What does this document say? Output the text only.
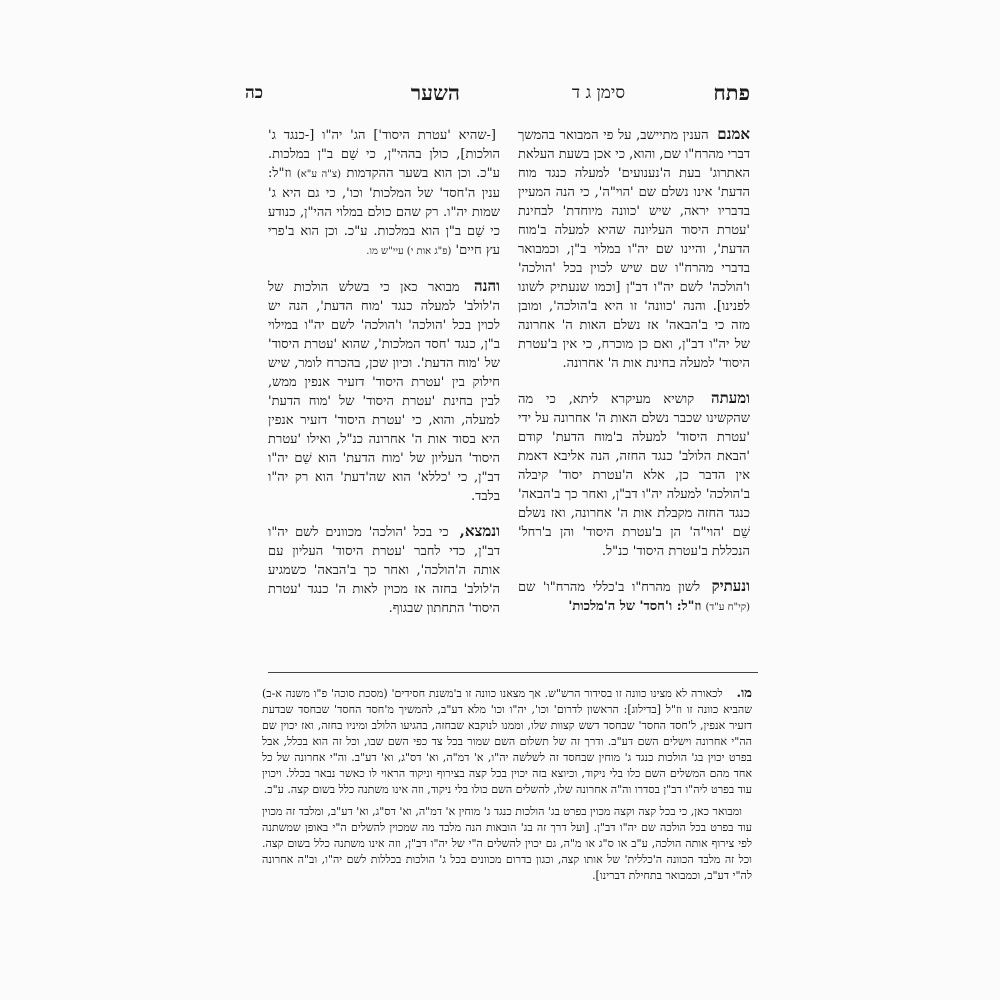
פתח
סימן ג ד
השער
כה

אמנם הענין מתיישב, על פי המבואר בהמשך דברי מהרח"ו שם, והוא, כי אכן בשעת העלאת האתרוג' בעת ה'נענועים' למעלה כנגד מוח הדעת' אינו נשלם שם 'הוי"ה', כי הנה המעיין בדבריו יראה, שיש 'כוונה מיוחדת' לבחינת 'עטרת היסוד העליונה שהיא למעלה ב'מוח הדעת', והיינו שם יה"ו במלוי ב"ן, וכמבואר בדברי מהרח"ו שם שיש לכוין בכל 'הולכה' ו'הולכה' לשם יה"ו דב"ן [וכמו שנעתיק לשונו לפנינו]. והנה 'כוונה' זו היא ב'הולכה', ומובן מזה כי ב'הבאה' אז נשלם האות ה' אחרונה של יה"ו דב"ן, ואם כן מוכרח, כי אין ב'עטרת היסוד' למעלה בחינת אות ה' אחרונה.

ומעתה קושיא מעיקרא ליתא, כי מה שהקשינו שכבר נשלם האות ה' אחרונה על ידי 'עטרת היסוד' למעלה ב'מוח הדעת' קודם 'הבאת הלולב' כנגד החזה, הנה אליבא דאמת אין הדבר כן, אלא ה'עטרת יסוד' קיבלה ב'הולכה' למעלה יה"ו דב"ן, ואחר כך ב'הבאה' כנגד החזה מקבלת אות ה' אחרונה, ואז נשלם שֵׁם 'הוי"ה' הן ב'עטרת היסוד' והן ב'רחל' הנכללת ב'עטרת היסוד' כנ"ל.

ונעתיק לשון מהרח"ו ב'כללי מהרח"ו' שם (קי"ח ע"ד) וז"ל: ו'חסד' של ה'מלכות'

[-שהיא 'עטרת היסוד'] הג' יה"ו [-כנגד ג' הולכות], כולן בההי"ן, כי שֵׁם ב"ן במלכות. ע"כ. וכן הוא בשער ההקדמות (צ"ה ע"א) וז"ל: ענין ה'חסד' של המלכות' וכו', כי גם היא ג' שמות יה"ו. רק שהם כולם במלוי ההי"ן, כנודע כי שֵׁם ב"ן הוא במלכות. ע"כ. וכן הוא ב'פרי עץ חיים' (פ"ג אות י) עיי"ש מו.

והנה מבואר כאן כי בשלש הולכות של ה'לולב' למעלה כנגד 'מוח הדעת', הנה יש לכוין בכל 'הולכה' ו'הולכה' לשם יה"ו במילוי ב"ן, כנגד 'חסד המלכות', שהוא 'עטרת היסוד' של 'מוח הדעת'. וכיון שכן, בהכרח לומר, שיש חילוק בין 'עטרת היסוד' דזעיר אנפין ממש, לבין בחינת 'עטרת היסוד' של 'מוח הדעת' למעלה, והוא, כי 'עטרת היסוד' דזעיר אנפין היא בסוד אות ה' אחרונה כנ"ל, ואילו 'עטרת היסוד' העליון של 'מוח הדעת' הוא שֵׁם יה"ו דב"ן, כי 'כללא' הוא שה'דעת' הוא רק יה"ו בלבד.

ונמצא, כי בכל 'הולכה' מכוונים לשם יה"ו דב"ן, כדי לחבר 'עטרת היסוד' העליון עם אותה ה'הולכה', ואחר כך ב'הבאה' כשמגיע ה'לולב' בחזה אז מכוין לאות ה' כנגד 'עטרת היסוד' התחתון שבגוף.

מו. לכאורה לא מצינו כוונה זו בסידור הרש"ש. אך מצאנו כוונה זו ב'משנת חסידים' (מסכת סוכה' פ"ו משנה א-ב) שהביא כוונה זו וז"ל [בדילוג]: הראשון לדרום' וכו', יה"ו וכו' מלא דע"ב, להמשיך מ'חסד החסד' שבחסד שבדעת דזעיר אנפין, ל'חסד החסד' שבחסד דשש קצוות שלו, וממנו לנוקבא שבחזה, בהגיעו הלולב ומיניו בחזה, ואז יכוין שם הה"י אחרונה וישלים השם דע"ב. ודרך זה של תשלום השם שמור בכל צד כפי השם שבו, וכל זה הוא בכלל, אבל בפרט יכוין בג' הולכות כנגד ג' מוחין שבחסד זה לשלשה יה"ו, א' דמ"ה, וא' דס"ג, וא' דע"ב. וה"י אחרונה של כל אחד מהם המשלים השם כלו בלי ניקוד, וכיוצא בזה יכוין בכל קצה בצירוף וניקוד הראוי לו כאשר נבאר בכלל. ויכוין עוד בפרט ליה"ו דב"ן בסדרו וה"ה אחרונה שלו, להשלים השם כולו בלי ניקוד, וזה אינו משתנה כלל בשום קצה. ע"כ.

ומבואר כאן, כי בכל קצה וקצה מכוין בפרט בג' הולכות כנגד ג' מוחין א' דמ"ה, וא' דס"ג, וא' דע"ב, ומלבד זה מכוין עוד בפרט בכל הולכה שם יה"ו דב"ן. [ועל דרך זה בג' הובאות הנה מלבד מה שמכוין להשלים ה"י באופן שמשתנה לפי צירוף אותה הולכה, ע"ב או ס"ג או מ"ה, גם יכוין להשלים ה"י של יה"ו דב"ן, וזה אינו משתנה כלל בשום קצה. וכל זה מלבד הכוונה ה'כללית' של אותו קצה, וכגון בדרום מכוונים בכל ג' הולכות בכללות לשם יה"ו, וב"ה אחרונה לה"י דע"ב, וכמבואר בתחילת דברינו].
